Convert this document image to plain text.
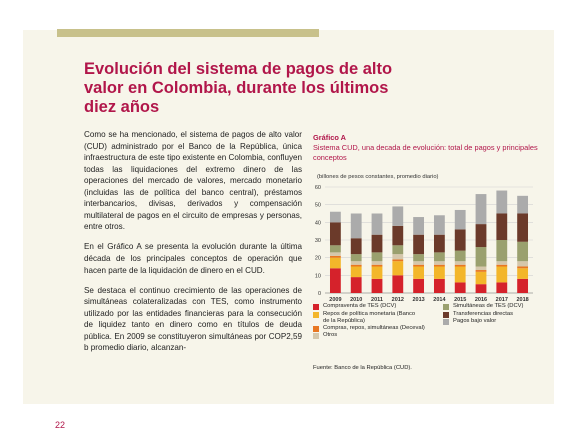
Evolución del sistema de pagos de alto valor en Colombia, durante los últimos diez años

Como se ha mencionado, el sistema de pagos de alto valor (CUD) administrado por el Banco de la República, única infraestructura de este tipo existente en Colombia, confluyen todas las liquidaciones del extremo dinero de las operaciones del mercado de valores, mercado monetario (incluidas las de política del banco central), préstamos interbancarios, divisas, derivados y compensación multilateral de pagos en el circuito de empresas y personas, entre otros.

En el Gráfico A se presenta la evolución durante la última década de los principales conceptos de operación que hacen parte de la liquidación de dinero en el CUD.

Se destaca el continuo crecimiento de las operaciones de simultáneas colateralizadas con TES, como instrumento utilizado por las entidades financieras para la consecución de liquidez tanto en dinero como en títulos de deuda pública. En 2009 se constituyeron simultáneas por COP2,59 b promedio diario, alcanzan-

Gráfico A
Sistema CUD, una decada de evolución: total de pagos y principales conceptos
(billones de pesos constantes, promedio diario)
0
10
20
30
40
50
60
2009 2010 2011 2012 2013 2014 2015 2016 2017 2018
Compraventa de TES (DCV)
Repos de política monetaria (Banco de la República)
Compras, repos, simultáneas (Deceval)
Otros
Simultáneas de TES (DCV)
Transferencias directas
Pagos bajo valor
Fuente: Banco de la República (CUD).
22
